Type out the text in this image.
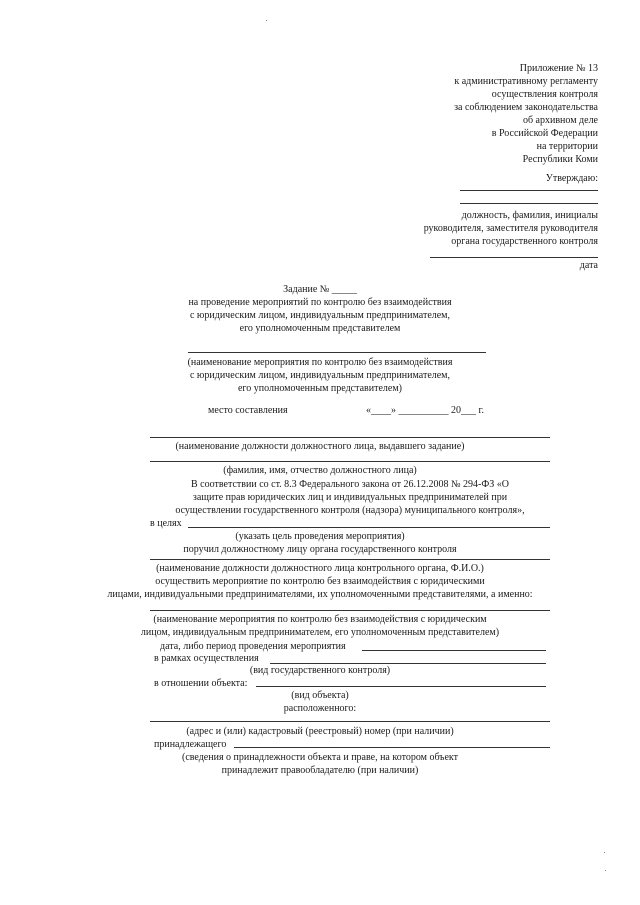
Приложение № 13
к административному регламенту
осуществления контроля
за соблюдением законодательства
об архивном деле
в Российской Федерации
на территории
Республики Коми
Утверждаю:
должность, фамилия, инициалы
руководителя, заместителя руководителя
органа государственного контроля
дата
Задание № _____
на проведение мероприятий по контролю без взаимодействия
с юридическим лицом, индивидуальным предпринимателем,
его уполномоченным представителем
(наименование мероприятия по контролю без взаимодействия
с юридическим лицом, индивидуальным предпринимателем,
его уполномоченным представителем)
место составления	«____» __________ 20___ г.
(наименование должности должностного лица, выдавшего задание)
(фамилия, имя, отчество должностного лица)
В соответствии со ст. 8.3 Федерального закона от 26.12.2008 № 294-ФЗ «О
защите прав юридических лиц и индивидуальных предпринимателей при
осуществлении государственного контроля (надзора) муниципального контроля»,
в целях
(указать цель проведения мероприятия)
поручил должностному лицу органа государственного контроля
(наименование должности должностного лица контрольного органа, Ф.И.О.)
осуществить мероприятие по контролю без взаимодействия с юридическими
лицами, индивидуальными предпринимателями, их уполномоченными представителями, а именно:
(наименование мероприятия по контролю без взаимодействия с юридическим
лицом, индивидуальным предпринимателем, его уполномоченным представителем)
дата, либо период проведения мероприятия
в рамках осуществления
(вид государственного контроля)
в отношении объекта:
(вид объекта)
расположенного:
(адрес и (или) кадастровый (реестровый) номер (при наличии)
принадлежащего
(сведения о принадлежности объекта и праве, на котором объект
принадлежит правообладателю (при наличии)
